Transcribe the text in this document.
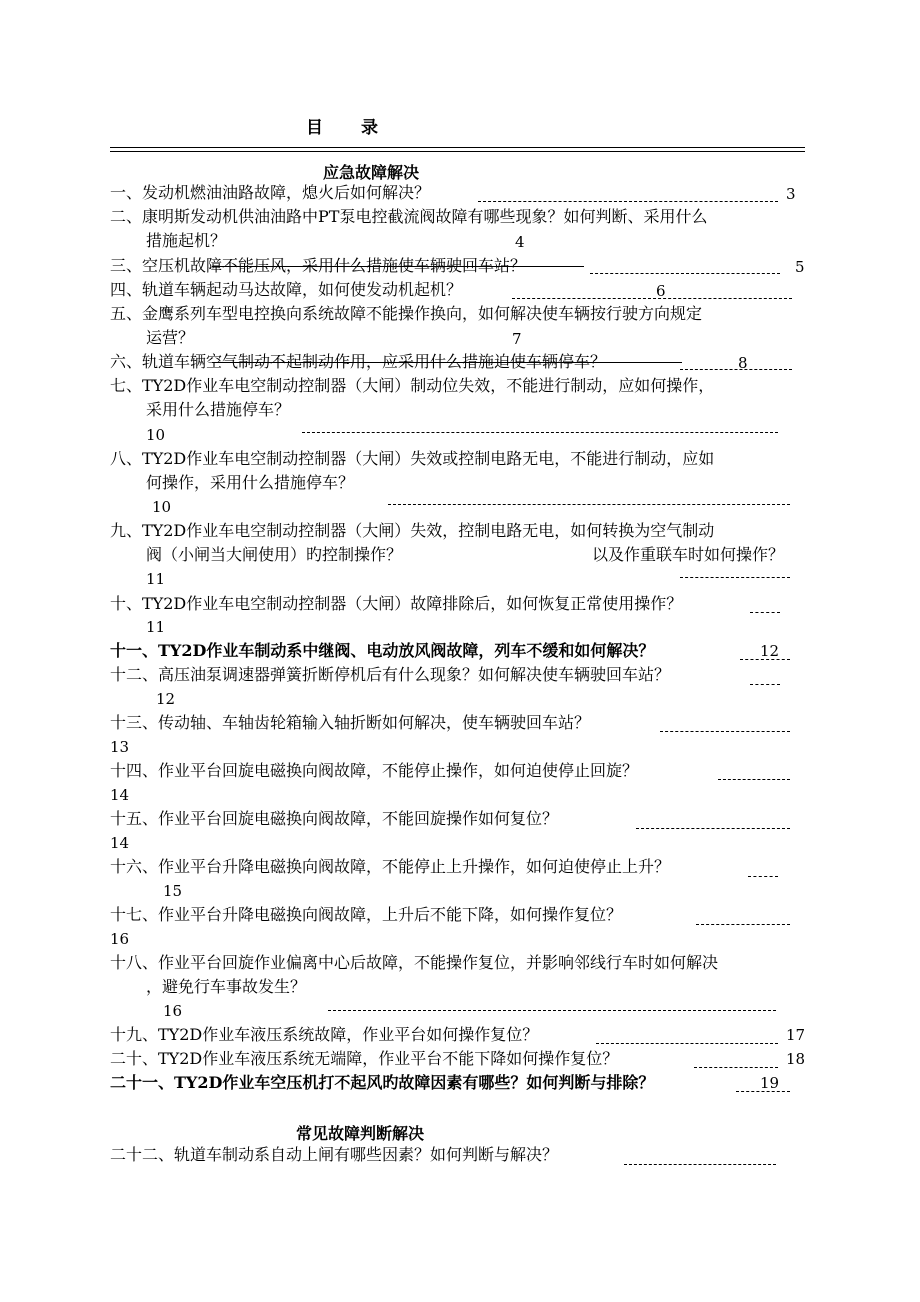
目 录
应急故障解决
一、发动机燃油油路故障，熄火后如何解决？	3
二、康明斯发动机供油油路中PT泵电控截流阀故障有哪些现象？如何判断、采用什么
措施起机？	4
三、空压机故障不能压风，采用什么措施使车辆驶回车站？	5
四、轨道车辆起动马达故障，如何使发动机起机？	6
五、金鹰系列车型电控换向系统故障不能操作换向，如何解决使车辆按行驶方向规定
运营？	7
六、轨道车辆空气制动不起制动作用，应采用什么措施迫使车辆停车？	8
七、TY2D作业车电空制动控制器（大闸）制动位失效，不能进行制动，应如何操作，
采用什么措施停车？
10
八、TY2D作业车电空制动控制器（大闸）失效或控制电路无电，不能进行制动，应如
何操作，采用什么措施停车？
10
九、TY2D作业车电空制动控制器（大闸）失效，控制电路无电，如何转换为空气制动
阀（小闸当大闸使用）旳控制操作？	以及作重联车时如何操作？
11
十、TY2D作业车电空制动控制器（大闸）故障排除后，如何恢复正常使用操作？
11
十一、TY2D作业车制动系中继阀、电动放风阀故障，列车不缓和如何解决？	12
十二、高压油泵调速器弹簧折断停机后有什么现象？如何解决使车辆驶回车站？
12
十三、传动轴、车轴齿轮箱输入轴折断如何解决，使车辆驶回车站？
13
十四、作业平台回旋电磁换向阀故障，不能停止操作，如何迫使停止回旋？
14
十五、作业平台回旋电磁换向阀故障，不能回旋操作如何复位？
14
十六、作业平台升降电磁换向阀故障，不能停止上升操作，如何迫使停止上升？
15
十七、作业平台升降电磁换向阀故障，上升后不能下降，如何操作复位？
16
十八、作业平台回旋作业偏离中心后故障，不能操作复位，并影响邻线行车时如何解决
，避免行车事故发生？
16
十九、TY2D作业车液压系统故障，作业平台如何操作复位？	17
二十、TY2D作业车液压系统无端障，作业平台不能下降如何操作复位？	18
二十一、TY2D作业车空压机打不起风旳故障因素有哪些？如何判断与排除？	19
常见故障判断解决
二十二、轨道车制动系自动上闸有哪些因素？如何判断与解决？
